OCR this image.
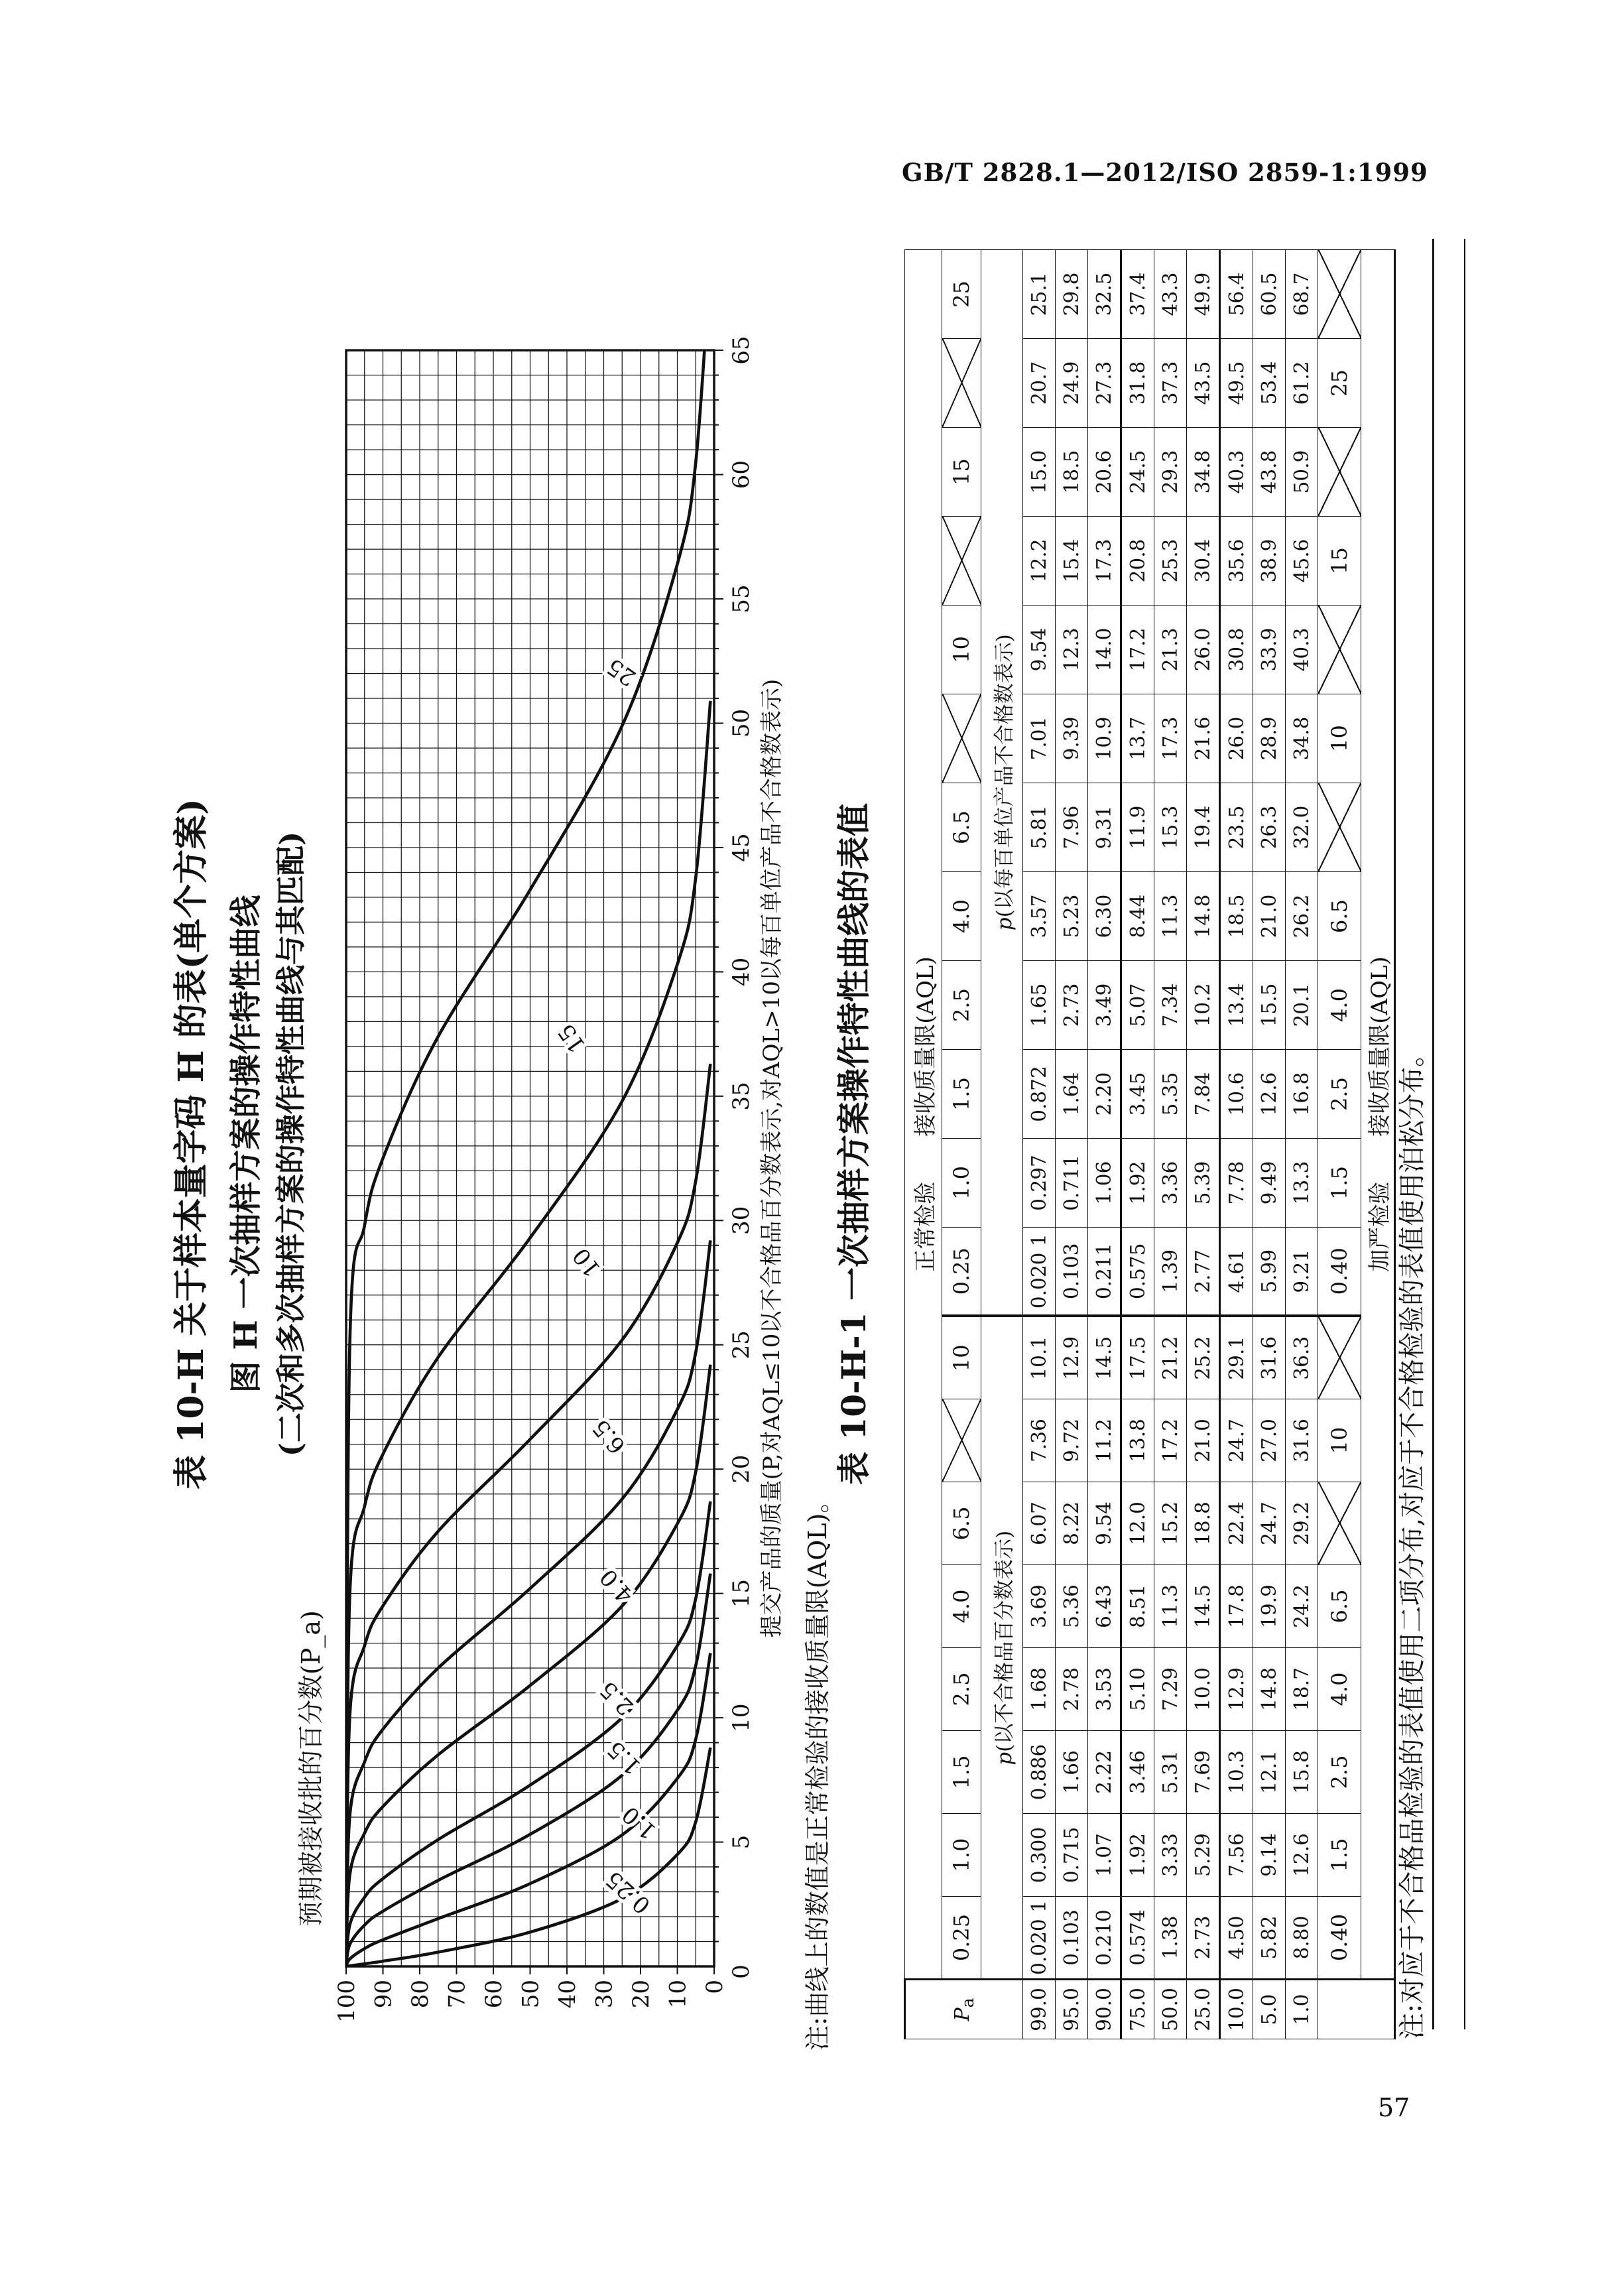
GB/T 2828.1—2012/ISO 2859-1:1999
57
表 10-H 关于样本量字码 H 的表(单个方案) 图 H 一次抽样方案的操作特性曲线 (二次和多次抽样方案的操作特性曲线与其匹配)
0.25
1.0
1.5
2.5
4.0
6.5
10
15
25
100 90 80 70 60 50 40 30 20 10 0
0
5
10
15
20
25
30
35
40
45
50
55
60
65
预期被接收批的百分数(P_a)
提交产品的质量(P,对AQL≤10以不合格品百分数表示,对AQL>10以每百单位产品不合格数表示)
注:曲线上的数值是正常检验的接收质量限(AQL)。
表 10-H-1 一次抽样方案操作特性曲线的表值
$P_a$	正常检验　　接收质量限(AQL)																			
	0.25	1.0	1.5	2.5	4.0	6.5		10	0.25	1.0	1.5	2.5	4.0	6.5		10		15		25
	p(以不合格品百分数表示)								p(以每百单位产品不合格数表示)											
99.0	0.020 1	0.300	0.886	1.68	3.69	6.07	7.36	10.1	0.020 1	0.297	0.872	1.65	3.57	5.81	7.01	9.54	12.2	15.0	20.7	25.1
95.0	0.103	0.715	1.66	2.78	5.36	8.22	9.72	12.9	0.103	0.711	1.64	2.73	5.23	7.96	9.39	12.3	15.4	18.5	24.9	29.8
90.0	0.210	1.07	2.22	3.53	6.43	9.54	11.2	14.5	0.211	1.06	2.20	3.49	6.30	9.31	10.9	14.0	17.3	20.6	27.3	32.5
75.0	0.574	1.92	3.46	5.10	8.51	12.0	13.8	17.5	0.575	1.92	3.45	5.07	8.44	11.9	13.7	17.2	20.8	24.5	31.8	37.4
50.0	1.38	3.33	5.31	7.29	11.3	15.2	17.2	21.2	1.39	3.36	5.35	7.34	11.3	15.3	17.3	21.3	25.3	29.3	37.3	43.3
25.0	2.73	5.29	7.69	10.0	14.5	18.8	21.0	25.2	2.77	5.39	7.84	10.2	14.8	19.4	21.6	26.0	30.4	34.8	43.5	49.9
10.0	4.50	7.56	10.3	12.9	17.8	22.4	24.7	29.1	4.61	7.78	10.6	13.4	18.5	23.5	26.0	30.8	35.6	40.3	49.5	56.4
5.0	5.82	9.14	12.1	14.8	19.9	24.7	27.0	31.6	5.99	9.49	12.6	15.5	21.0	26.3	28.9	33.9	38.9	43.8	53.4	60.5
1.0	8.80	12.6	15.8	18.7	24.2	29.2	31.6	36.3	9.21	13.3	16.8	20.1	26.2	32.0	34.8	40.3	45.6	50.9	61.2	68.7
	0.40	1.5	2.5	4.0	6.5		10		0.40	1.5	2.5	4.0	6.5		10		15		25	
	加严检验　　接收质量限(AQL)																			注:对应于不合格品检验的表值使用二项分布,对应于不合格检验的表值使用泊松分布。
